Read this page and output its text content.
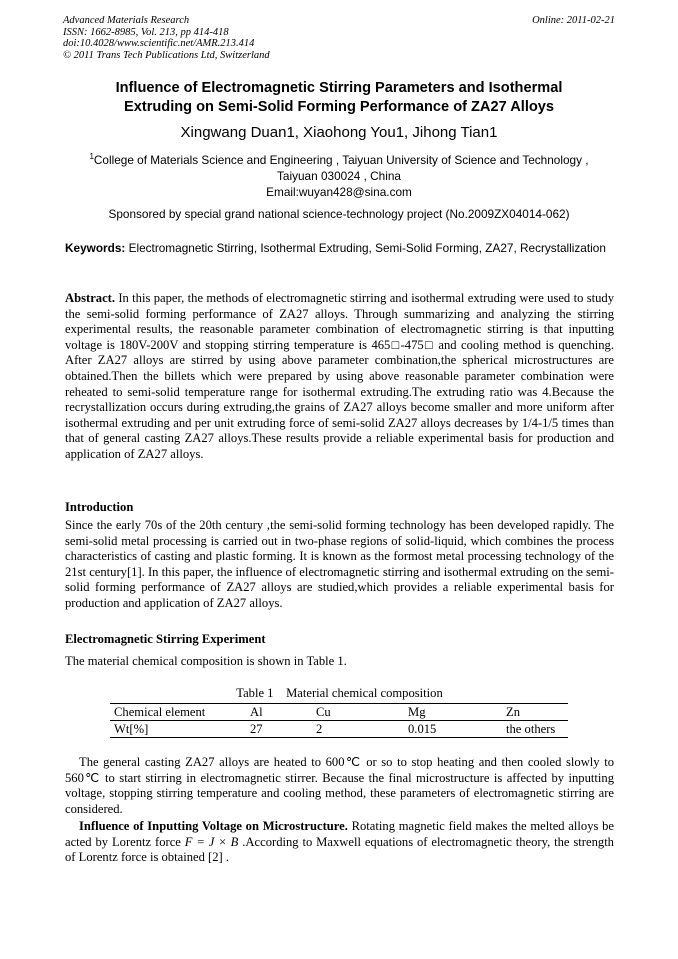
Advanced Materials Research
ISSN: 1662-8985, Vol. 213, pp 414-418
doi:10.4028/www.scientific.net/AMR.213.414
© 2011 Trans Tech Publications Ltd, Switzerland
Online: 2011-02-21
Influence of Electromagnetic Stirring Parameters and Isothermal
Extruding on Semi-Solid Forming Performance of ZA27 Alloys
Xingwang Duan1, Xiaohong You1, Jihong Tian1
$^1$College of Materials Science and Engineering , Taiyuan University of Science and Technology ,
Taiyuan 030024 , China
Email:wuyan428@sina.com
Sponsored by special grand national science-technology project (No.2009ZX04014-062)
Keywords: Electromagnetic Stirring, Isothermal Extruding, Semi-Solid Forming, ZA27, Recrystallization
Abstract. In this paper, the methods of electromagnetic stirring and isothermal extruding were used to study the semi-solid forming performance of ZA27 alloys. Through summarizing and analyzing the stirring experimental results, the reasonable parameter combination of electromagnetic stirring is that inputting voltage is 180V-200V and stopping stirring temperature is 465□-475□ and cooling method is quenching. After ZA27 alloys are stirred by using above parameter combination,the spherical microstructures are obtained.Then the billets which were prepared by using above reasonable parameter combination were reheated to semi-solid temperature range for isothermal extruding.The extruding ratio was 4.Because the recrystallization occurs during extruding,the grains of ZA27 alloys become smaller and more uniform after isothermal extruding and per unit extruding force of semi-solid ZA27 alloys decreases by 1/4-1/5 times than that of general casting ZA27 alloys.These results provide a reliable experimental basis for production and application of ZA27 alloys.
Introduction
Since the early 70s of the 20th century ,the semi-solid forming technology has been developed rapidly. The semi-solid metal processing is carried out in two-phase regions of solid-liquid, which combines the process characteristics of casting and plastic forming. It is known as the formost metal processing technology of the 21st century[1]. In this paper, the influence of electromagnetic stirring and isothermal extruding on the semi-solid forming performance of ZA27 alloys are studied,which provides a reliable experimental basis for production and application of ZA27 alloys.
Electromagnetic Stirring Experiment
The material chemical composition is shown in Table 1.
Table 1    Material chemical composition
Chemical element	Al	Cu	Mg	Zn
Wt[%]	27	2	0.015	the others
The general casting ZA27 alloys are heated to 600℃ or so to stop heating and then cooled slowly to 560℃ to start stirring in electromagnetic stirrer. Because the final microstructure is affected by inputting voltage, stopping stirring temperature and cooling method, these parameters of electromagnetic stirring are considered.
Influence of Inputting Voltage on Microstructure. Rotating magnetic field makes the melted alloys be acted by Lorentz force F = J × B .According to Maxwell equations of electromagnetic theory, the strength of Lorentz force is obtained [2] .
